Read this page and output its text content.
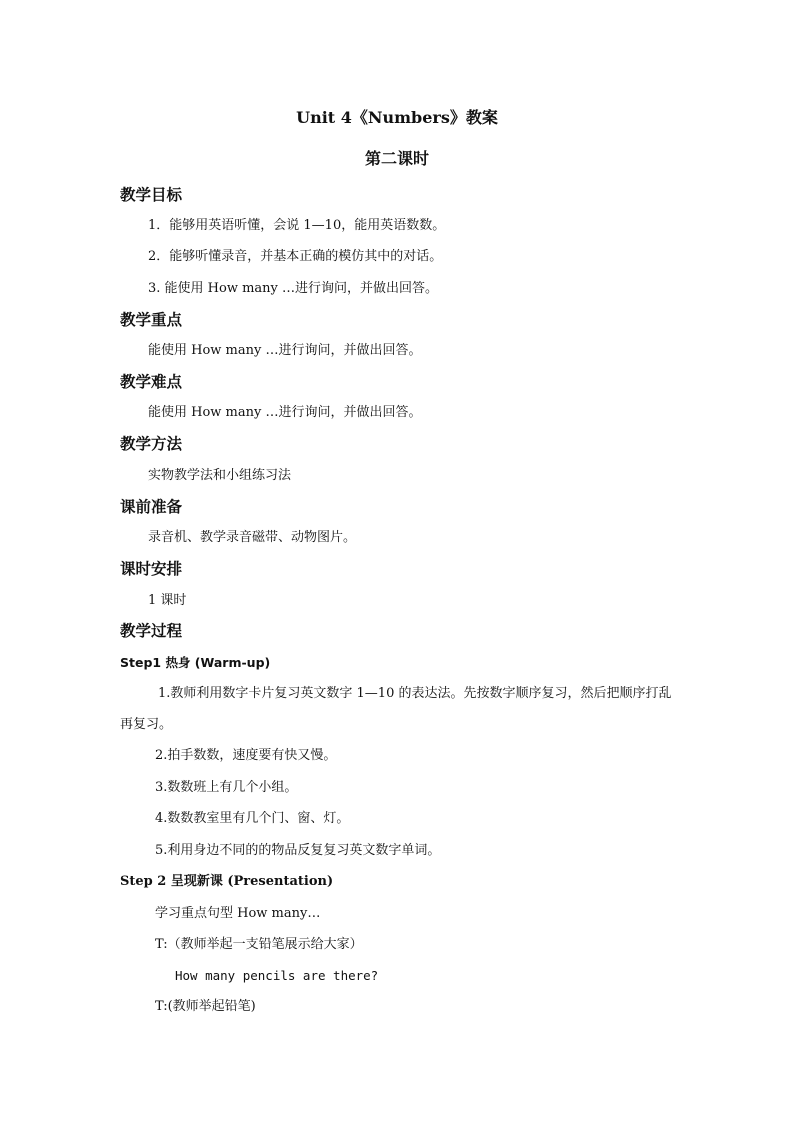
Unit 4《Numbers》教案
第二课时
教学目标
1．能够用英语听懂，会说 1—10，能用英语数数。
2．能够听懂录音，并基本正确的模仿其中的对话。
3. 能使用 How many …进行询问，并做出回答。
教学重点
能使用 How many …进行询问，并做出回答。
教学难点
能使用 How many …进行询问，并做出回答。
教学方法
实物教学法和小组练习法
课前准备
录音机、教学录音磁带、动物图片。
课时安排
1 课时
教学过程
Step1 热身 (Warm-up)
1.教师利用数字卡片复习英文数字 1—10 的表达法。先按数字顺序复习，然后把顺序打乱再复习。
2.拍手数数，速度要有快又慢。
3.数数班上有几个小组。
4.数数教室里有几个门、窗、灯。
5.利用身边不同的的物品反复复习英文数字单词。
Step 2 呈现新课 (Presentation)
学习重点句型 How many…
T:（教师举起一支铅笔展示给大家）
How many pencils are there?
T:(教师举起铅笔)
